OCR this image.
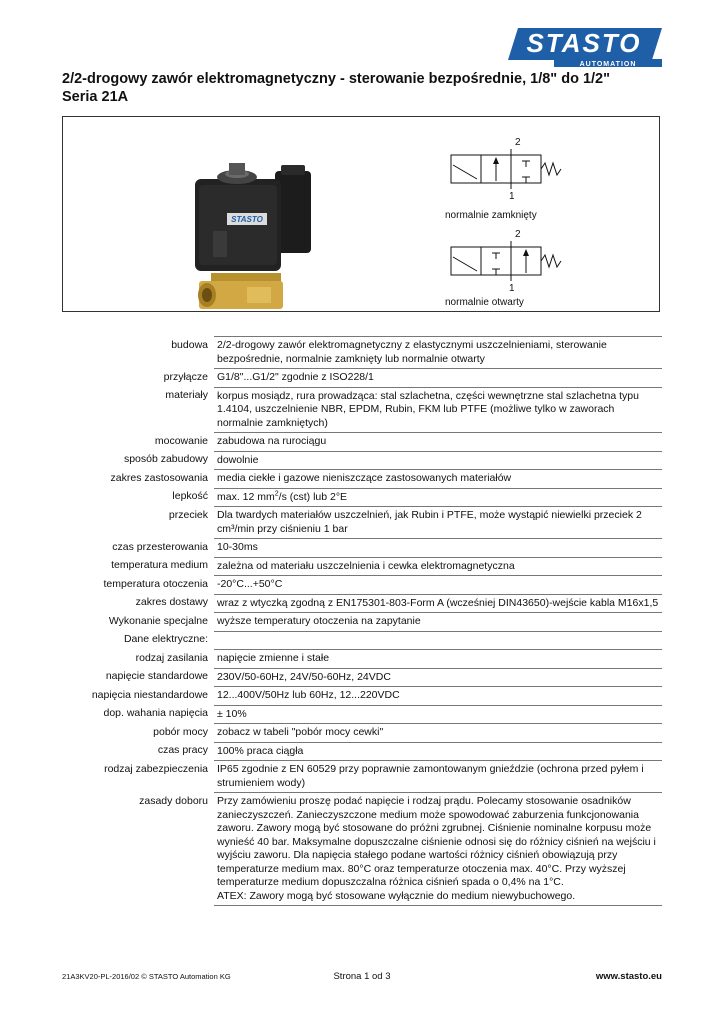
STASTO
AUTOMATION
2/2-drogowy zawór elektromagnetyczny - sterowanie bezpośrednie, 1/8" do 1/2"
Seria 21A
STASTO
2
1
normalnie zamknięty
2
1
normalnie otwarty
budowa	2/2-drogowy zawór elektromagnetyczny z elastycznymi uszczelnieniami, sterowanie bezpośrednie, normalnie zamknięty lub normalnie otwarty
przyłącze	G1/8"...G1/2" zgodnie z ISO228/1
materiały	korpus mosiądz, rura prowadząca: stal szlachetna, części wewnętrzne stal szlachetna typu 1.4104, uszczelnienie NBR, EPDM, Rubin, FKM lub PTFE (możliwe tylko w zaworach normalnie zamkniętych)
mocowanie	zabudowa na rurociągu
sposób zabudowy	dowolnie
zakres zastosowania	media ciekłe i gazowe nieniszczące zastosowanych materiałów
lepkość	max. 12 $mm^2/s$ (cst) lub 2°E
przeciek	Dla twardych materiałów uszczelnień, jak Rubin i PTFE, może wystąpić niewielki przeciek 2 cm³/min przy ciśnieniu 1 bar
czas przesterowania	10-30ms
temperatura medium	zależna od materiału uszczelnienia i cewka elektromagnetyczna
temperatura otoczenia	-20°C...+50°C
zakres dostawy	wraz z wtyczką zgodną z EN175301-803-Form A (wcześniej DIN43650)-wejście kabla M16x1,5
Wykonanie specjalne	wyższe temperatury otoczenia na zapytanie
Dane elektryczne:	
rodzaj zasilania	napięcie zmienne i stałe
napięcie standardowe	230V/50-60Hz, 24V/50-60Hz, 24VDC
napięcia niestandardowe	12...400V/50Hz lub 60Hz, 12...220VDC
dop. wahania napięcia	± 10%
pobór mocy	zobacz w tabeli "pobór mocy cewki"
czas pracy	100% praca ciągła
rodzaj zabezpieczenia	IP65 zgodnie z EN 60529 przy poprawnie zamontowanym gnieździe (ochrona przed pyłem i strumieniem wody)
zasady doboru	Przy zamówieniu proszę podać napięcie i rodzaj prądu. Polecamy stosowanie osadników zanieczyszczeń. Zanieczyszczone medium może spowodować zaburzenia funkcjonowania zaworu. Zawory mogą być stosowane do próżni zgrubnej. Ciśnienie nominalne korpusu może wynieść 40 bar. Maksymalne dopuszczalne ciśnienie odnosi się do różnicy ciśnień na wejściu i wyjściu zaworu. Dla napięcia stałego podane wartości różnicy ciśnień obowiązują przy temperaturze medium max. 80°C oraz temperaturze otoczenia max. 40°C. Przy wyższej temperaturze medium dopuszczalna różnica ciśnień spada o 0,4% na 1°C.
ATEX: Zawory mogą być stosowane wyłącznie do medium niewybuchowego.
21A3KV20-PL-2016/02 © STASTO Automation KG	Strona 1 od 3	www.stasto.eu
